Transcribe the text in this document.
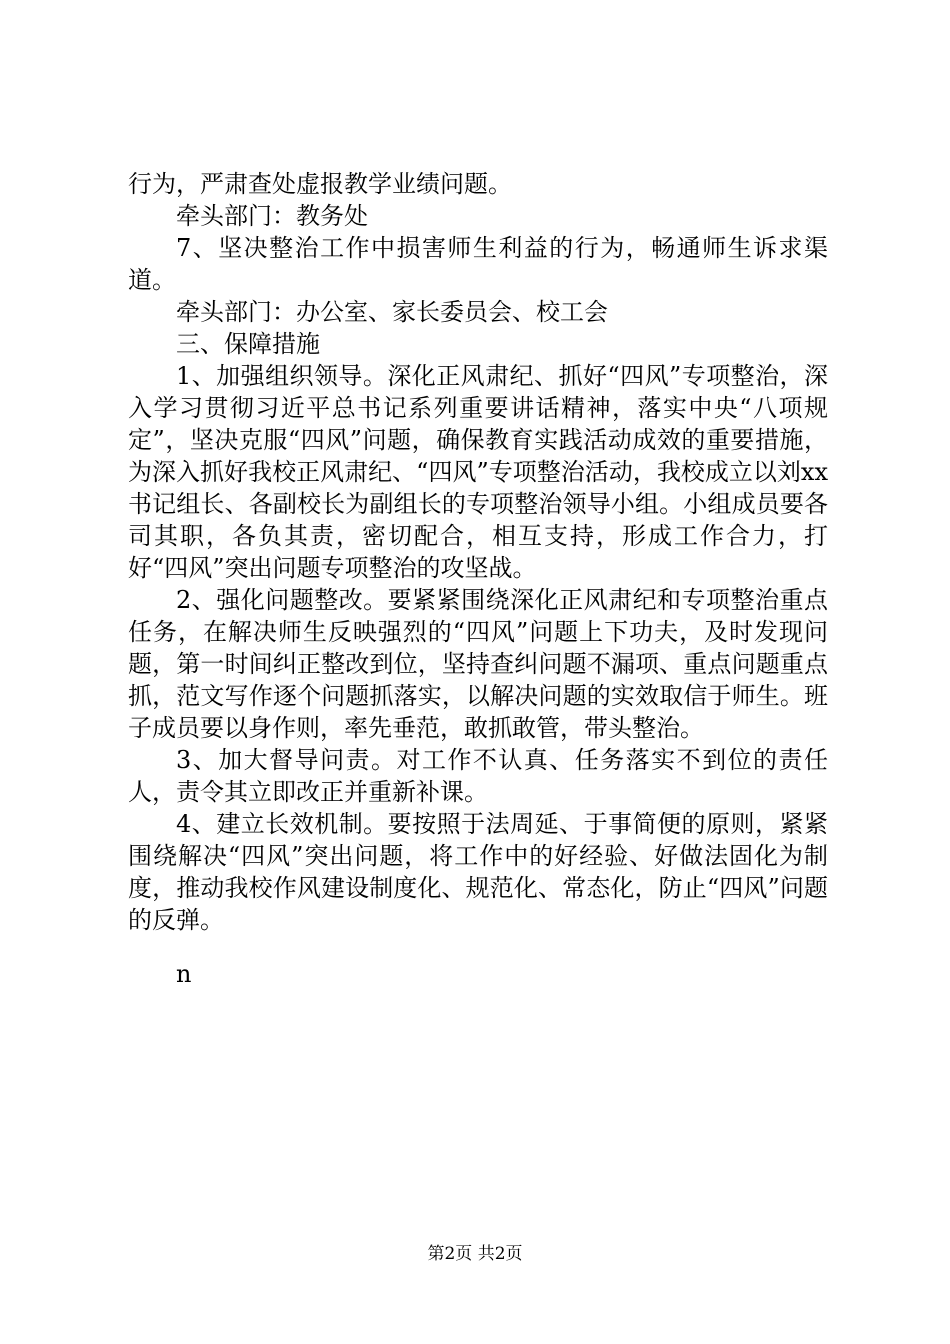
行为，严肃查处虚报教学业绩问题。

牵头部门：教务处

7、坚决整治工作中损害师生利益的行为，畅通师生诉求渠道。

牵头部门：办公室、家长委员会、校工会

三、保障措施

1、加强组织领导。深化正风肃纪、抓好“四风”专项整治，深入学习贯彻习近平总书记系列重要讲话精神，落实中央“八项规定”，坚决克服“四风”问题，确保教育实践活动成效的重要措施，为深入抓好我校正风肃纪、“四风”专项整治活动，我校成立以刘xx书记组长、各副校长为副组长的专项整治领导小组。小组成员要各司其职，各负其责，密切配合，相互支持，形成工作合力，打好“四风”突出问题专项整治的攻坚战。

2、强化问题整改。要紧紧围绕深化正风肃纪和专项整治重点任务，在解决师生反映强烈的“四风”问题上下功夫，及时发现问题，第一时间纠正整改到位，坚持查纠问题不漏项、重点问题重点抓，范文写作逐个问题抓落实，以解决问题的实效取信于师生。班子成员要以身作则，率先垂范，敢抓敢管，带头整治。

3、加大督导问责。对工作不认真、任务落实不到位的责任人，责令其立即改正并重新补课。

4、建立长效机制。要按照于法周延、于事简便的原则，紧紧围绕解决“四风”突出问题，将工作中的好经验、好做法固化为制度，推动我校作风建设制度化、规范化、常态化，防止“四风”问题的反弹。

n

第2页 共2页
